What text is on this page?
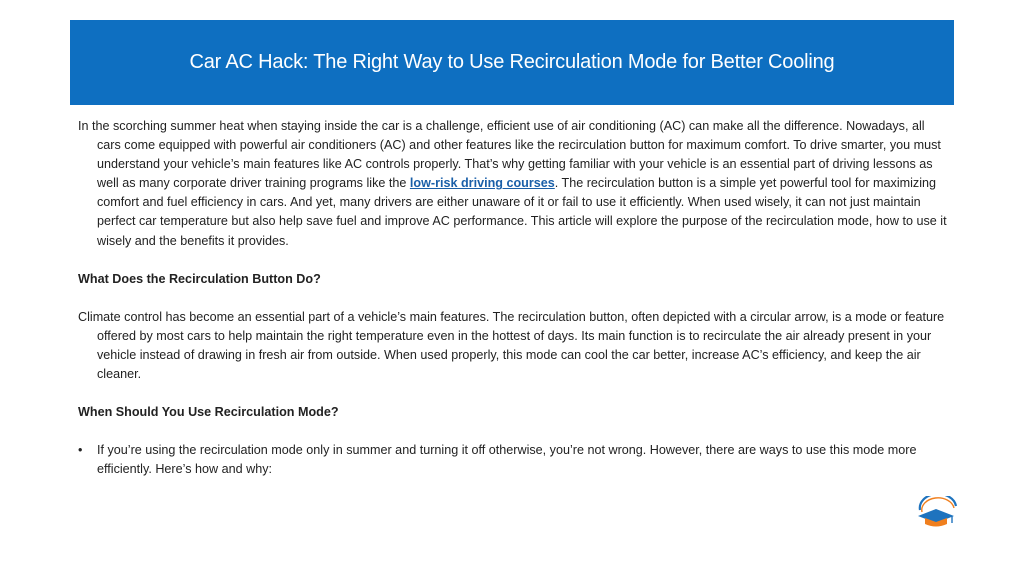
Car AC Hack: The Right Way to Use Recirculation Mode for Better Cooling

In the scorching summer heat when staying inside the car is a challenge, efficient use of air conditioning (AC) can make all the difference. Nowadays, all cars come equipped with powerful air conditioners (AC) and other features like the recirculation button for maximum comfort. To drive smarter, you must understand your vehicle’s main features like AC controls properly. That’s why getting familiar with your vehicle is an essential part of driving lessons as well as many corporate driver training programs like the low-risk driving courses. The recirculation button is a simple yet powerful tool for maximizing comfort and fuel efficiency in cars. And yet, many drivers are either unaware of it or fail to use it efficiently. When used wisely, it can not just maintain perfect car temperature but also help save fuel and improve AC performance. This article will explore the purpose of the recirculation mode, how to use it wisely and the benefits it provides.

What Does the Recirculation Button Do?

Climate control has become an essential part of a vehicle’s main features. The recirculation button, often depicted with a circular arrow, is a mode or feature offered by most cars to help maintain the right temperature even in the hottest of days. Its main function is to recirculate the air already present in your vehicle instead of drawing in fresh air from outside. When used properly, this mode can cool the car better, increase AC’s efficiency, and keep the air cleaner.

When Should You Use Recirculation Mode?

•	If you’re using the recirculation mode only in summer and turning it off otherwise, you’re not wrong. However, there are ways to use this mode more efficiently. Here’s how and why:
